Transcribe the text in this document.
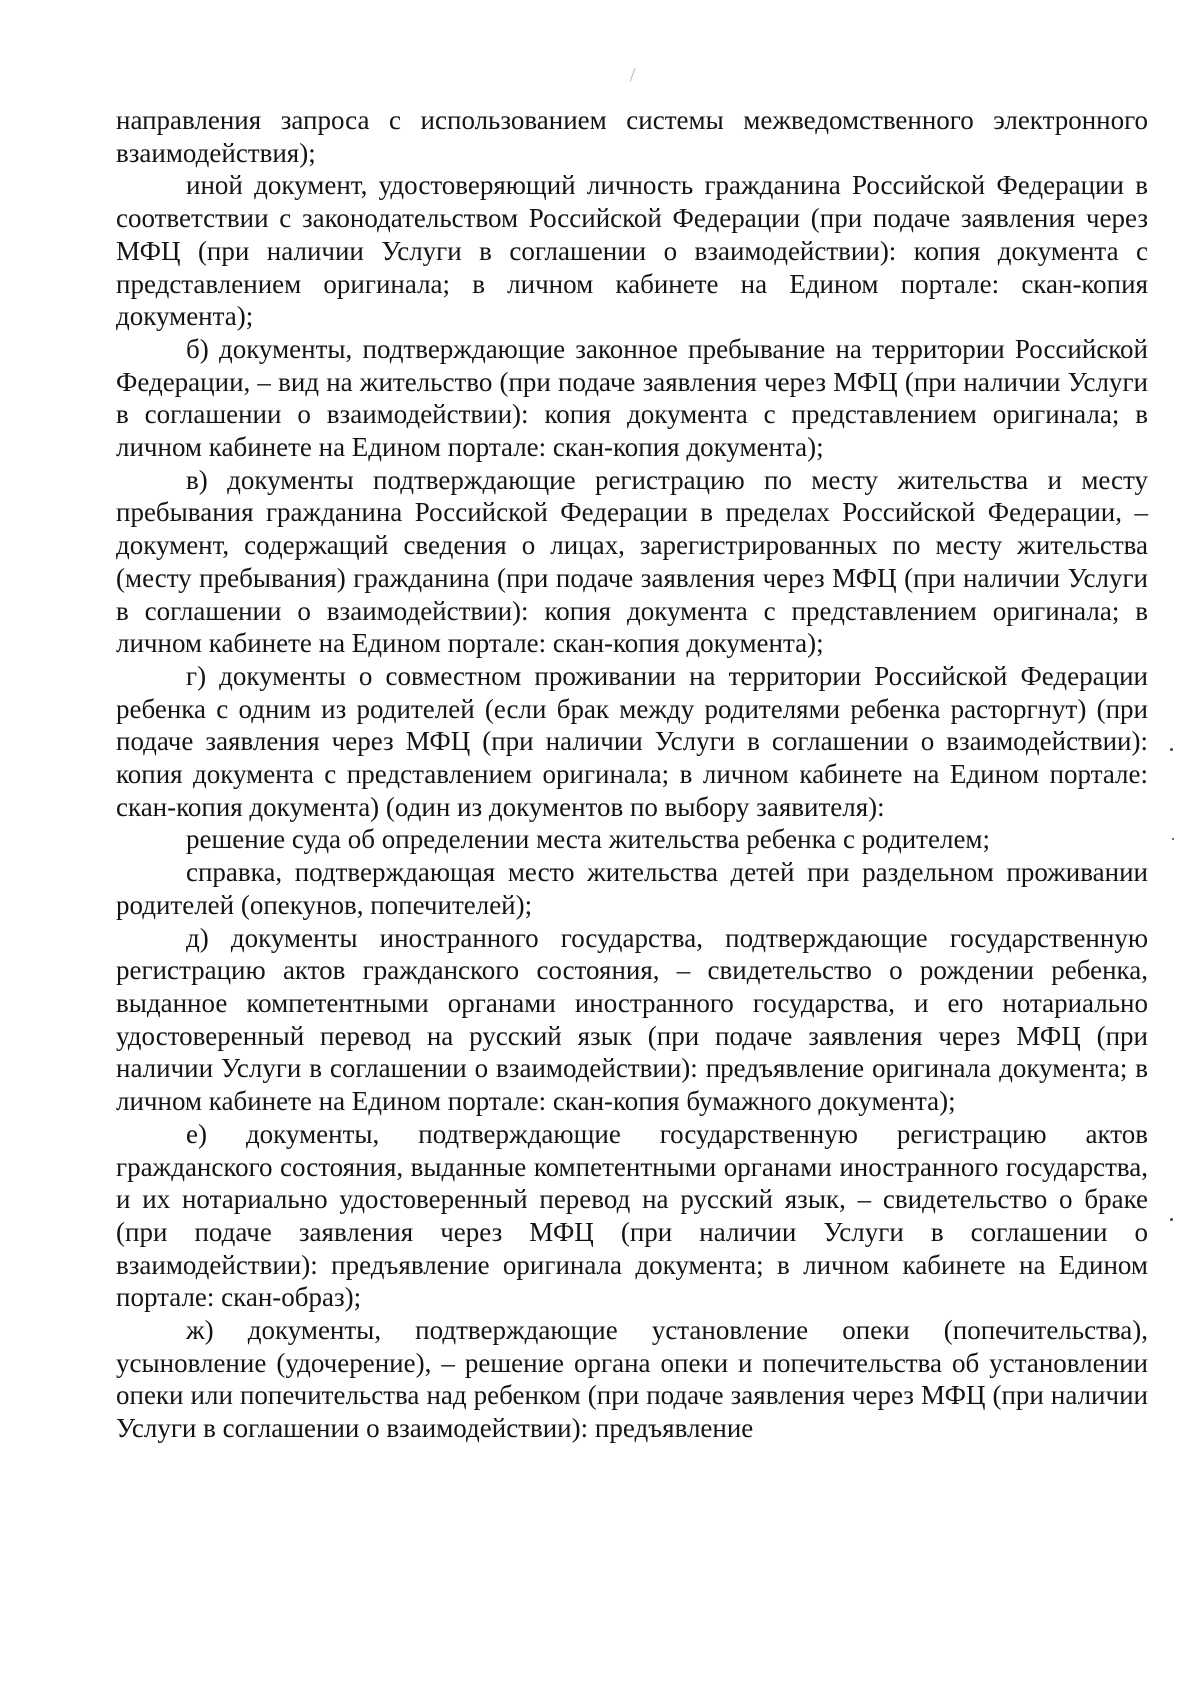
направления запроса с использованием системы межведомственного электронного взаимодействия);

иной документ, удостоверяющий личность гражданина Российской Федерации в соответствии с законодательством Российской Федерации (при подаче заявления через МФЦ (при наличии Услуги в соглашении о взаимодействии): копия документа с представлением оригинала; в личном кабинете на Едином портале: скан-копия документа);

б) документы, подтверждающие законное пребывание на территории Российской Федерации, – вид на жительство (при подаче заявления через МФЦ (при наличии Услуги в соглашении о взаимодействии): копия документа с представлением оригинала; в личном кабинете на Едином портале: скан-копия документа);

в) документы подтверждающие регистрацию по месту жительства и месту пребывания гражданина Российской Федерации в пределах Российской Федерации, – документ, содержащий сведения о лицах, зарегистрированных по месту жительства (месту пребывания) гражданина (при подаче заявления через МФЦ (при наличии Услуги в соглашении о взаимодействии): копия документа с представлением оригинала; в личном кабинете на Едином портале: скан-копия документа);

г) документы о совместном проживании на территории Российской Федерации ребенка с одним из родителей (если брак между родителями ребенка расторгнут) (при подаче заявления через МФЦ (при наличии Услуги в соглашении о взаимодействии): копия документа с представлением оригинала; в личном кабинете на Едином портале: скан-копия документа) (один из документов по выбору заявителя):

решение суда об определении места жительства ребенка с родителем;

справка, подтверждающая место жительства детей при раздельном проживании родителей (опекунов, попечителей);

д) документы иностранного государства, подтверждающие государственную регистрацию актов гражданского состояния, – свидетельство о рождении ребенка, выданное компетентными органами иностранного государства, и его нотариально удостоверенный перевод на русский язык (при подаче заявления через МФЦ (при наличии Услуги в соглашении о взаимодействии): предъявление оригинала документа; в личном кабинете на Едином портале: скан-копия бумажного документа);

е) документы, подтверждающие государственную регистрацию актов гражданского состояния, выданные компетентными органами иностранного государства, и их нотариально удостоверенный перевод на русский язык, – свидетельство о браке (при подаче заявления через МФЦ (при наличии Услуги в соглашении о взаимодействии): предъявление оригинала документа; в личном кабинете на Едином портале: скан-образ);

ж) документы, подтверждающие установление опеки (попечительства), усыновление (удочерение), – решение органа опеки и попечительства об установлении опеки или попечительства над ребенком (при подаче заявления через МФЦ (при наличии Услуги в соглашении о взаимодействии): предъявление
